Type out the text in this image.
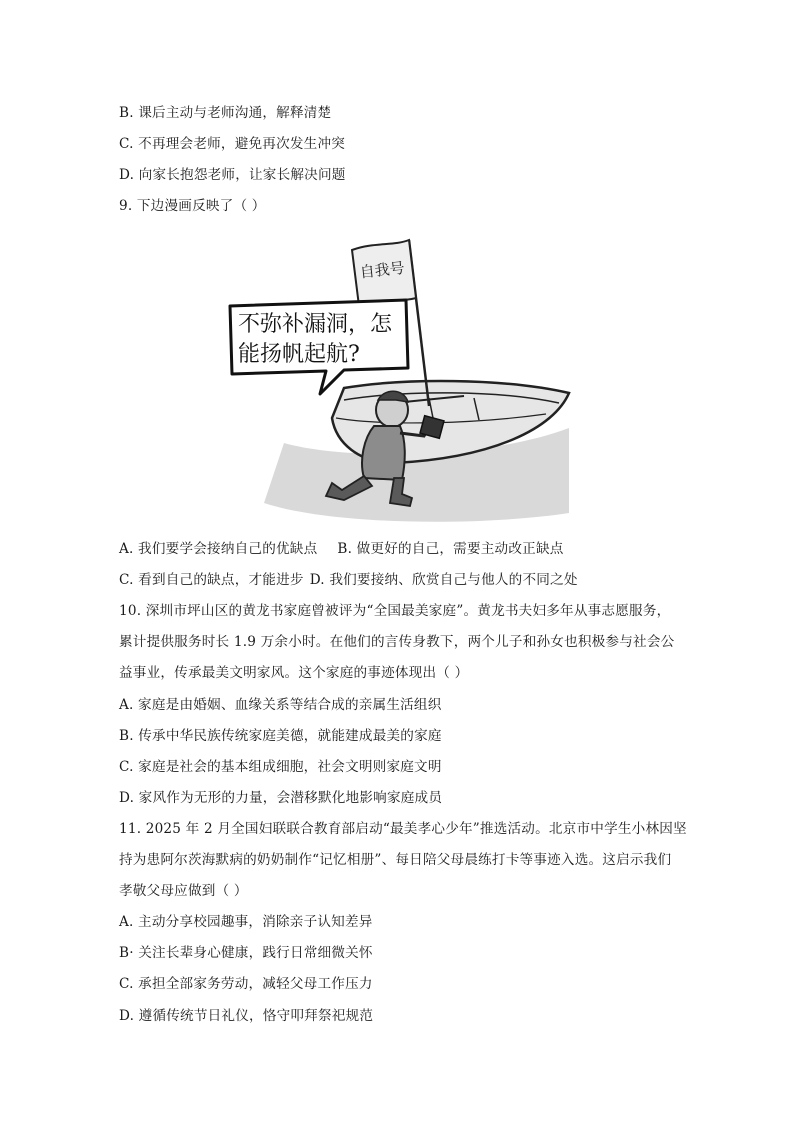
B. 课后主动与老师沟通，解释清楚
C. 不再理会老师，避免再次发生冲突
D. 向家长抱怨老师，让家长解决问题
9. 下边漫画反映了（ ）
自我号
不弥补漏洞，怎
能扬帆起航?
A. 我们要学会接纳自己的优缺点 B. 做更好的自己，需要主动改正缺点
C. 看到自己的缺点，才能进步 D. 我们要接纳、欣赏自己与他人的不同之处
10. 深圳市坪山区的黄龙书家庭曾被评为“全国最美家庭”。黄龙书夫妇多年从事志愿服务，
累计提供服务时长 1.9 万余小时。在他们的言传身教下，两个儿子和孙女也积极参与社会公
益事业，传承最美文明家风。这个家庭的事迹体现出（ ）
A. 家庭是由婚姻、血缘关系等结合成的亲属生活组织
B. 传承中华民族传统家庭美德，就能建成最美的家庭
C. 家庭是社会的基本组成细胞，社会文明则家庭文明
D. 家风作为无形的力量，会潜移默化地影响家庭成员
11. 2025 年 2 月全国妇联联合教育部启动“最美孝心少年”推选活动。北京市中学生小林因坚
持为患阿尔茨海默病的奶奶制作“记忆相册”、每日陪父母晨练打卡等事迹入选。这启示我们
孝敬父母应做到（ ）
A. 主动分享校园趣事，消除亲子认知差异
B· 关注长辈身心健康，践行日常细微关怀
C. 承担全部家务劳动，减轻父母工作压力
D. 遵循传统节日礼仪，恪守叩拜祭祀规范
